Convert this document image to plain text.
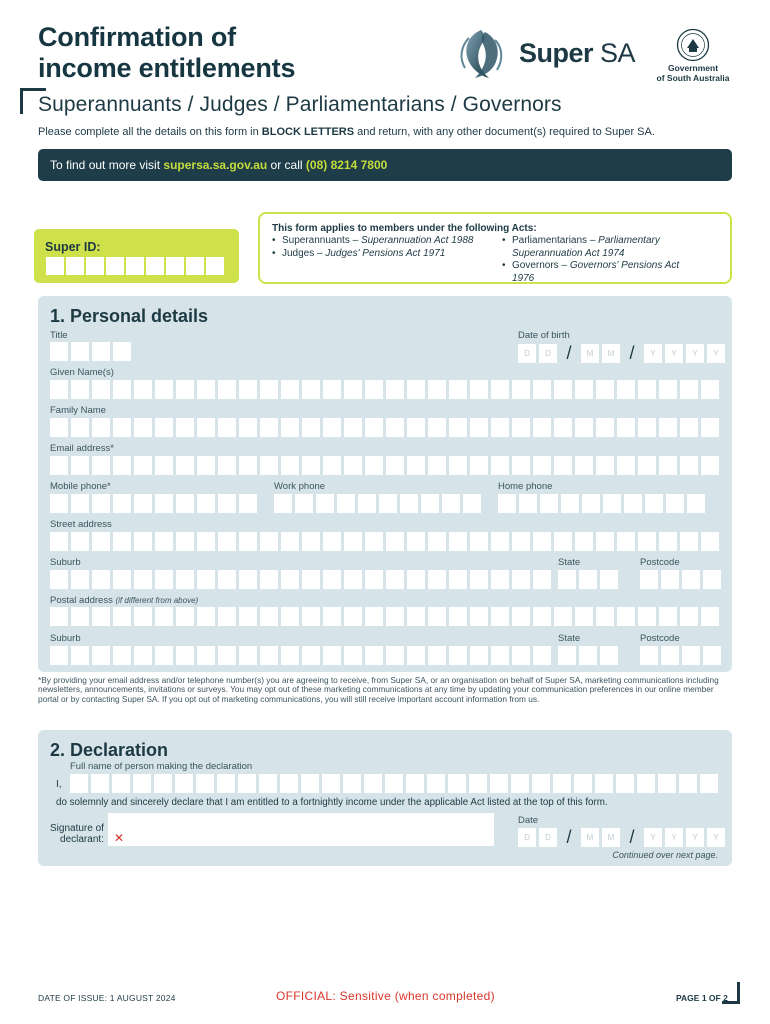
Confirmation of
income entitlements	Super SA	Government
of South Australia
Superannuants / Judges / Parliamentarians / Governors
Please complete all the details on this form in BLOCK LETTERS and return, with any other document(s) required to Super SA.
To find out more visit supersa.sa.gov.au or call (08) 8214 7800
Super ID:
This form applies to members under the following Acts:
• Superannuants – Superannuation Act 1988
• Judges – Judges' Pensions Act 1971
• Parliamentarians – Parliamentary Superannuation Act 1974
• Governors – Governors' Pensions Act 1976
1. Personal details
Title	Date of birth
D	D /	M	M /	Y	Y	Y	Y
Given Name(s)
Family Name
Email address*
Mobile phone*	Work phone	Home phone
Street address
Suburb	State	Postcode
Postal address (if different from above)
Suburb	State	Postcode
*By providing your email address and/or telephone number(s) you are agreeing to receive, from Super SA, or an organisation on behalf of Super SA, marketing communications including newsletters, announcements, invitations or surveys. You may opt out of these marketing communications at any time by updating your communication preferences in our online member portal or by contacting Super SA. If you opt out of marketing communications, you will still receive important account information from us.
2. Declaration
Full name of person making the declaration
I,
do solemnly and sincerely declare that I am entitled to a fortnightly income under the applicable Act listed at the top of this form.
Signature of
declarant: ✕
Date
D	D /	M	M /	Y	Y	Y	Y
Continued over next page.
DATE OF ISSUE: 1 AUGUST 2024	OFFICIAL: Sensitive (when completed)	PAGE 1 OF 2
